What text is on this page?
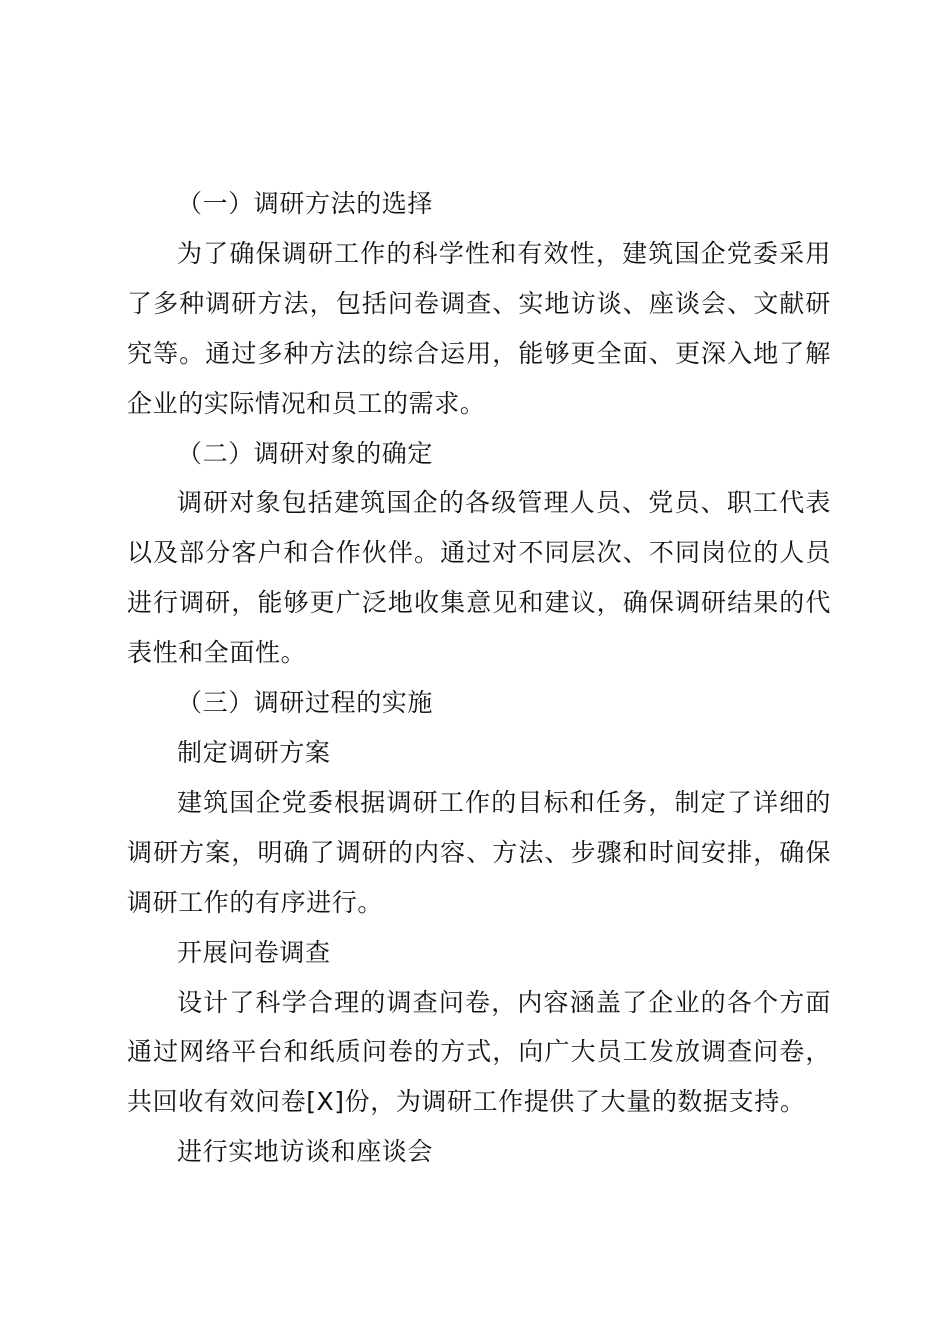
（一）调研方法的选择

为了确保调研工作的科学性和有效性，建筑国企党委采用了多种调研方法，包括问卷调查、实地访谈、座谈会、文献研究等。通过多种方法的综合运用，能够更全面、更深入地了解企业的实际情况和员工的需求。

（二）调研对象的确定

调研对象包括建筑国企的各级管理人员、党员、职工代表以及部分客户和合作伙伴。通过对不同层次、不同岗位的人员进行调研，能够更广泛地收集意见和建议，确保调研结果的代表性和全面性。

（三）调研过程的实施

制定调研方案

建筑国企党委根据调研工作的目标和任务，制定了详细的调研方案，明确了调研的内容、方法、步骤和时间安排，确保调研工作的有序进行。

开展问卷调查

设计了科学合理的调查问卷，内容涵盖了企业的各个方面通过网络平台和纸质问卷的方式，向广大员工发放调查问卷，共回收有效问卷[X]份，为调研工作提供了大量的数据支持。

进行实地访谈和座谈会
